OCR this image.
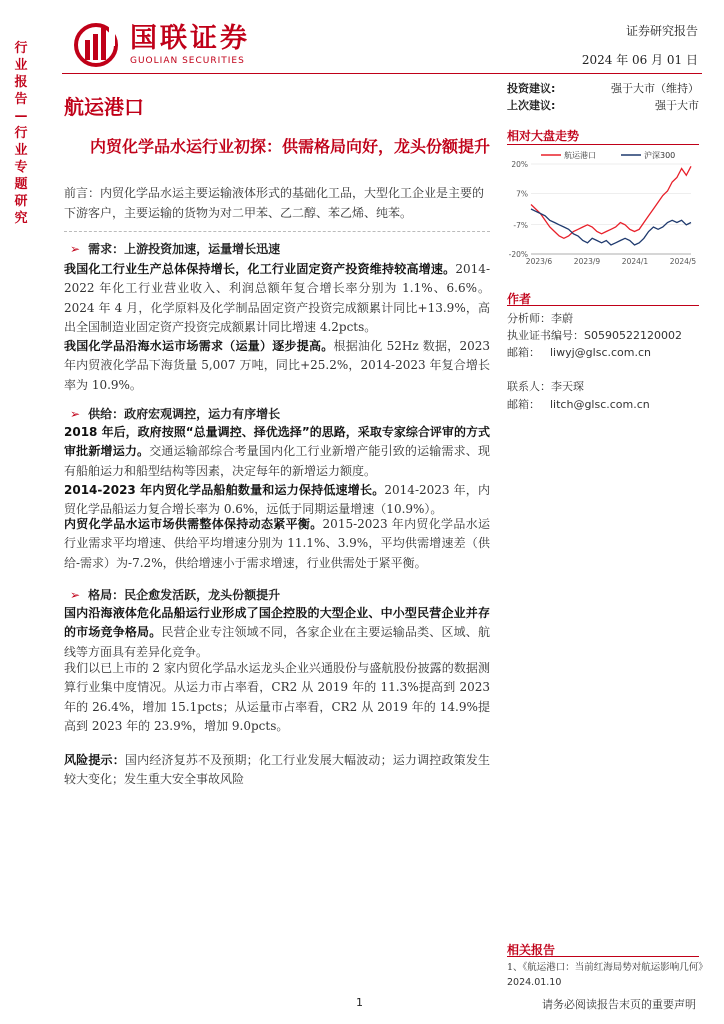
行业报告—行业专题研究
国联证券
GUOLIAN SECURITIES
证券研究报告
2024 年 06 月 01 日
航运港口
内贸化学品水运行业初探：供需格局向好，龙头份额提升
前言：内贸化学品水运主要运输液体形式的基础化工品，大型化工企业是主要的下游客户，主要运输的货物为对二甲苯、乙二醇、苯乙烯、纯苯。
➢ 需求：上游投资加速，运量增长迅速
我国化工行业生产总体保持增长，化工行业固定资产投资维持较高增速。2014-2022 年化工行业营业收入、利润总额年复合增长率分别为 1.1%、6.6%。2024 年 4 月，化学原料及化学制品固定资产投资完成额累计同比+13.9%，高出全国制造业固定资产投资完成额累计同比增速 4.2pcts。
我国化学品沿海水运市场需求（运量）逐步提高。根据油化 52Hz 数据，2023 年内贸液化学品下海货量 5,007 万吨，同比+25.2%，2014-2023 年复合增长率为 10.9%。
➢ 供给：政府宏观调控，运力有序增长
2018 年后，政府按照“总量调控、择优选择”的思路，采取专家综合评审的方式审批新增运力。交通运输部综合考量国内化工行业新增产能引致的运输需求、现有船舶运力和船型结构等因素，决定每年的新增运力额度。
2014-2023 年内贸化学品船舶数量和运力保持低速增长。2014-2023 年，内贸化学品船运力复合增长率为 0.6%，远低于同期运量增速（10.9%）。
内贸化学品水运市场供需整体保持动态紧平衡。2015-2023 年内贸化学品水运行业需求平均增速、供给平均增速分别为 11.1%、3.9%，平均供需增速差（供给-需求）为-7.2%，供给增速小于需求增速，行业供需处于紧平衡。
➢ 格局：民企愈发活跃，龙头份额提升
国内沿海液体危化品船运行业形成了国企控股的大型企业、中小型民营企业并存的市场竞争格局。民营企业专注领域不同，各家企业在主要运输品类、区域、航线等方面具有差异化竞争。
我们以已上市的 2 家内贸化学品水运龙头企业兴通股份与盛航股份披露的数据测算行业集中度情况。从运力市占率看，CR2 从 2019 年的 11.3%提高到 2023 年的 26.4%，增加 15.1pcts；从运量市占率看，CR2 从 2019 年的 14.9%提高到 2023 年的 23.9%，增加 9.0pcts。
风险提示：国内经济复苏不及预期；化工行业发展大幅波动；运力调控政策发生较大变化；发生重大安全事故风险
投资建议:	强于大市（维持）
上次建议:	强于大市
相对大盘走势
20%
7%
-7%
-20%
2023/6	2023/9	2024/1	2024/5
航运港口	沪深300
作者
分析师：李蔚
执业证书编号：S0590522120002
邮箱： liwyj@glsc.com.cn
联系人：李天琛
邮箱： litch@glsc.com.cn
相关报告
1、《航运港口：当前红海局势对航运影响几何》
2024.01.10
1	请务必阅读报告末页的重要声明
